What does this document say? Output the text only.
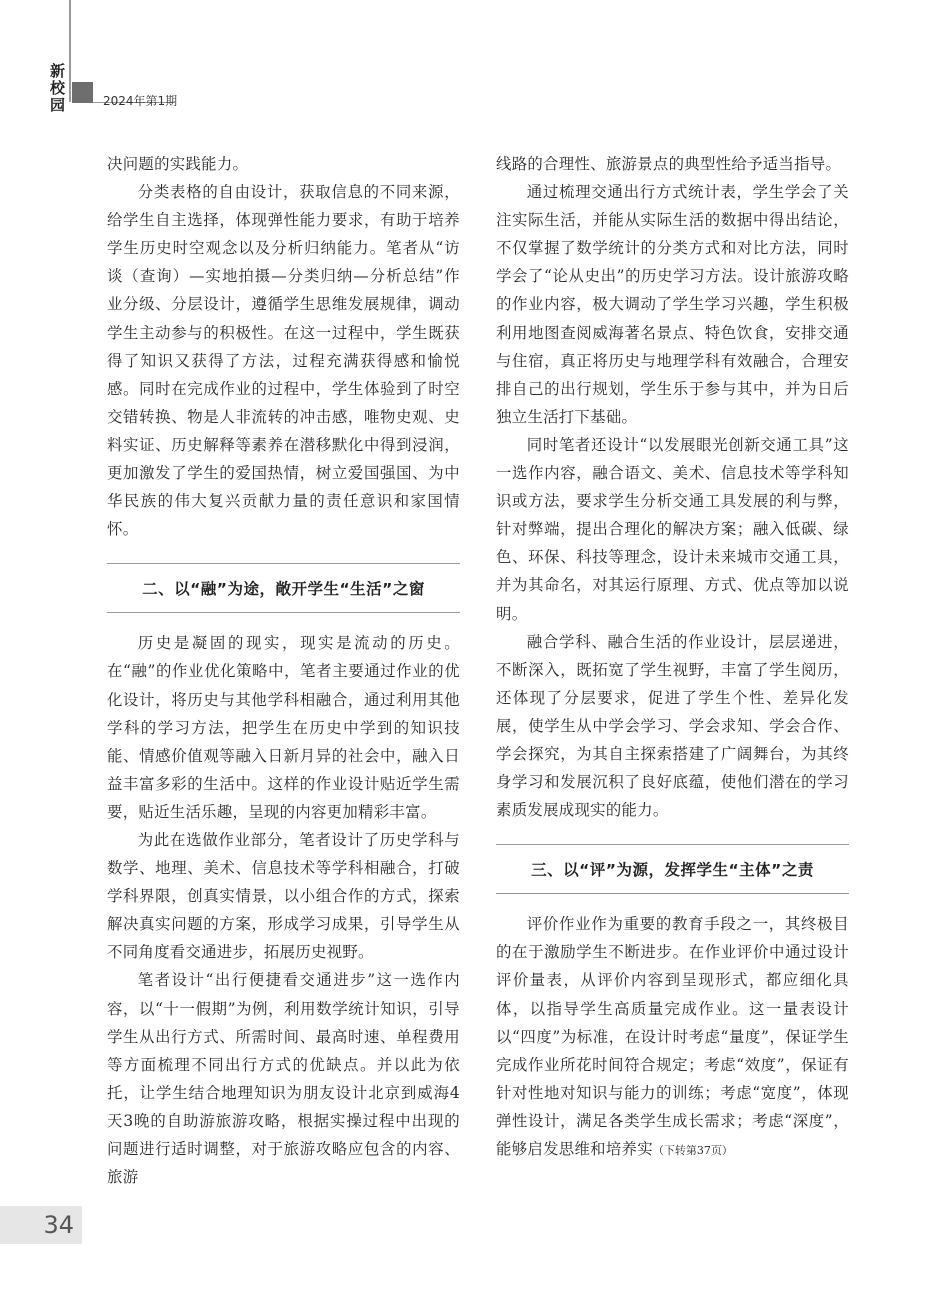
新
校
园	2024年第1期

决问题的实践能力。

分类表格的自由设计，获取信息的不同来源，给学生自主选择，体现弹性能力要求，有助于培养学生历史时空观念以及分析归纳能力。笔者从“访谈（查询）—实地拍摄—分类归纳—分析总结”作业分级、分层设计，遵循学生思维发展规律，调动学生主动参与的积极性。在这一过程中，学生既获得了知识又获得了方法，过程充满获得感和愉悦感。同时在完成作业的过程中，学生体验到了时空交错转换、物是人非流转的冲击感，唯物史观、史料实证、历史解释等素养在潜移默化中得到浸润，更加激发了学生的爱国热情，树立爱国强国、为中华民族的伟大复兴贡献力量的责任意识和家国情怀。

二、以“融”为途，敞开学生“生活”之窗

历史是凝固的现实，现实是流动的历史。在“融”的作业优化策略中，笔者主要通过作业的优化设计，将历史与其他学科相融合，通过利用其他学科的学习方法，把学生在历史中学到的知识技能、情感价值观等融入日新月异的社会中，融入日益丰富多彩的生活中。这样的作业设计贴近学生需要，贴近生活乐趣，呈现的内容更加精彩丰富。

为此在选做作业部分，笔者设计了历史学科与数学、地理、美术、信息技术等学科相融合，打破学科界限，创真实情景，以小组合作的方式，探索解决真实问题的方案，形成学习成果，引导学生从不同角度看交通进步，拓展历史视野。

笔者设计“出行便捷看交通进步”这一选作内容，以“十一假期”为例，利用数学统计知识，引导学生从出行方式、所需时间、最高时速、单程费用等方面梳理不同出行方式的优缺点。并以此为依托，让学生结合地理知识为朋友设计北京到威海4天3晚的自助游旅游攻略，根据实操过程中出现的问题进行适时调整，对于旅游攻略应包含的内容、旅游

线路的合理性、旅游景点的典型性给予适当指导。

通过梳理交通出行方式统计表，学生学会了关注实际生活，并能从实际生活的数据中得出结论，不仅掌握了数学统计的分类方式和对比方法，同时学会了“论从史出”的历史学习方法。设计旅游攻略的作业内容，极大调动了学生学习兴趣，学生积极利用地图查阅威海著名景点、特色饮食，安排交通与住宿，真正将历史与地理学科有效融合，合理安排自己的出行规划，学生乐于参与其中，并为日后独立生活打下基础。

同时笔者还设计“以发展眼光创新交通工具”这一选作内容，融合语文、美术、信息技术等学科知识或方法，要求学生分析交通工具发展的利与弊，针对弊端，提出合理化的解决方案；融入低碳、绿色、环保、科技等理念，设计未来城市交通工具，并为其命名，对其运行原理、方式、优点等加以说明。

融合学科、融合生活的作业设计，层层递进，不断深入，既拓宽了学生视野，丰富了学生阅历，还体现了分层要求，促进了学生个性、差异化发展，使学生从中学会学习、学会求知、学会合作、学会探究，为其自主探索搭建了广阔舞台，为其终身学习和发展沉积了良好底蕴，使他们潜在的学习素质发展成现实的能力。

三、以“评”为源，发挥学生“主体”之责

评价作业作为重要的教育手段之一，其终极目的在于激励学生不断进步。在作业评价中通过设计评价量表，从评价内容到呈现形式，都应细化具体，以指导学生高质量完成作业。这一量表设计以“四度”为标准，在设计时考虑“量度”，保证学生完成作业所花时间符合规定；考虑“效度”，保证有针对性地对知识与能力的训练；考虑“宽度”，体现弹性设计，满足各类学生成长需求；考虑“深度”，能够启发思维和培养实（下转第37页）

34
